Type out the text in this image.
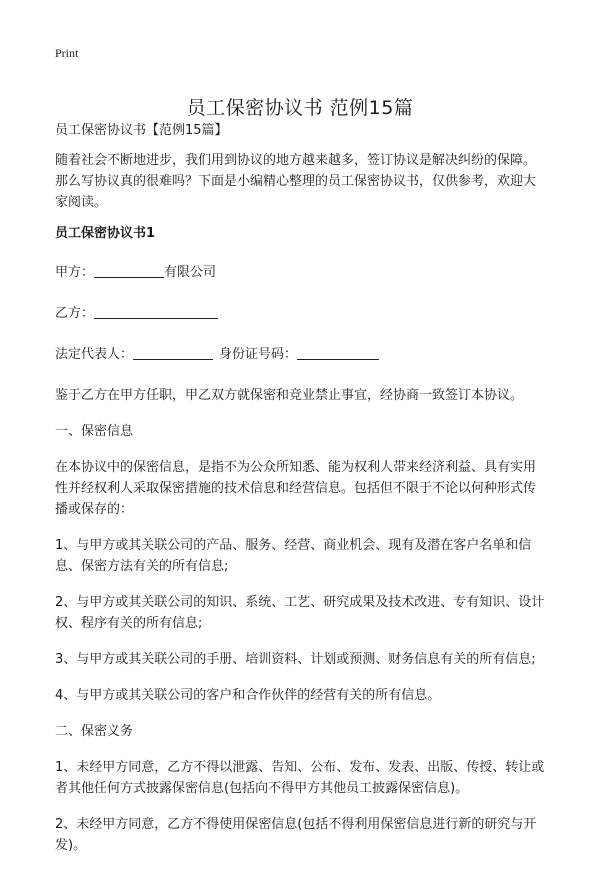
Print
员工保密协议书 范例15篇

员工保密协议书【范例15篇】

随着社会不断地进步，我们用到协议的地方越来越多，签订协议是解决纠纷的保障。那么写协议真的很难吗？下面是小编精心整理的员工保密协议书，仅供参考，欢迎大家阅读。

员工保密协议书1

甲方：	有限公司

乙方：

法定代表人：	身份证号码：

鉴于乙方在甲方任职，甲乙双方就保密和竞业禁止事宜，经协商一致签订本协议。

一、保密信息

在本协议中的保密信息，是指不为公众所知悉、能为权利人带来经济利益、具有实用性并经权利人采取保密措施的技术信息和经营信息。包括但不限于不论以何种形式传播或保存的：

1、与甲方或其关联公司的产品、服务、经营、商业机会、现有及潜在客户名单和信息、保密方法有关的所有信息;

2、与甲方或其关联公司的知识、系统、工艺、研究成果及技术改进、专有知识、设计权、程序有关的所有信息;

3、与甲方或其关联公司的手册、培训资料、计划或预测、财务信息有关的所有信息;

4、与甲方或其关联公司的客户和合作伙伴的经营有关的所有信息。

二、保密义务

1、未经甲方同意，乙方不得以泄露、告知、公布、发布、发表、出版、传授、转让或者其他任何方式披露保密信息(包括向不得甲方其他员工披露保密信息)。

2、未经甲方同意，乙方不得使用保密信息(包括不得利用保密信息进行新的研究与开发)。
